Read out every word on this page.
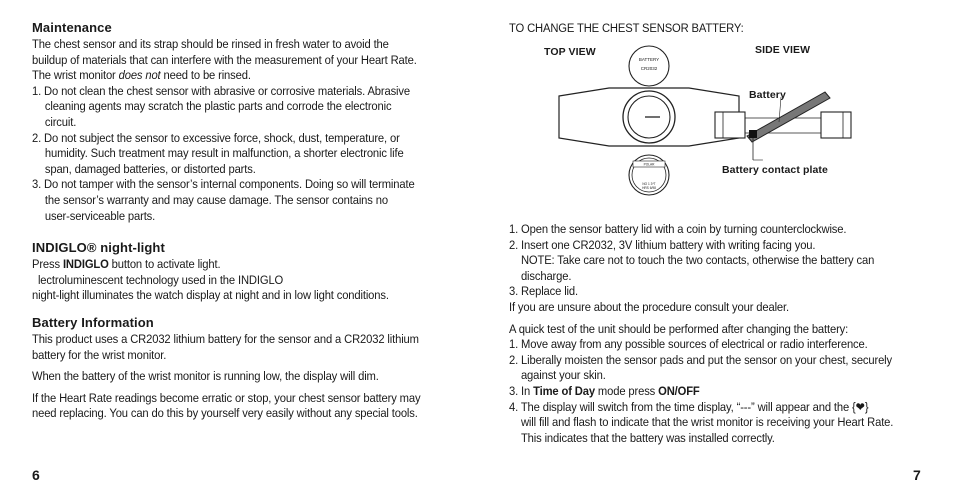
Maintenance
The chest sensor and its strap should be rinsed in fresh water to avoid the
buildup of materials that can interfere with the measurement of your Heart Rate.
The wrist monitor does not need to be rinsed.
1. Do not clean the chest sensor with abrasive or corrosive materials. Abrasive
cleaning agents may scratch the plastic parts and corrode the electronic
circuit.
2. Do not subject the sensor to excessive force, shock, dust, temperature, or
humidity. Such treatment may result in malfunction, a shorter electronic life
span, damaged batteries, or distorted parts.
3. Do not tamper with the sensor’s internal components. Doing so will terminate
the sensor’s warranty and may cause damage. The sensor contains no
user-serviceable parts.
INDIGLO® night-light
Press INDIGLO button to activate light.
lectroluminescent technology used in the INDIGLO
night-light illuminates the watch display at night and in low light conditions.
Battery Information
This product uses a CR2032 lithium battery for the sensor and a CR2032 lithium
battery for the wrist monitor.
When the battery of the wrist monitor is running low, the display will dim.
If the Heart Rate readings become erratic or stop, your chest sensor battery may
need replacing. You can do this by yourself very easily without any special tools.
6
TO CHANGE THE CHEST SENSOR BATTERY:
TOP VIEW	SIDE VIEW
Battery
Battery contact plate
BATTERY
CR2032
POLAR
NO 1 3*T
HRS 6/98
1. Open the sensor battery lid with a coin by turning counterclockwise.
2. Insert one CR2032, 3V lithium battery with writing facing you.
NOTE: Take care not to touch the two contacts, otherwise the battery can
discharge.
3. Replace lid.
If you are unsure about the procedure consult your dealer.
A quick test of the unit should be performed after changing the battery:
1. Move away from any possible sources of electrical or radio interference.
2. Liberally moisten the sensor pads and put the sensor on your chest, securely
against your skin.
3. In Time of Day mode press ON/OFF
4. The display will switch from the time display, “---” will appear and the {❤}
will fill and flash to indicate that the wrist monitor is receiving your Heart Rate.
This indicates that the battery was installed correctly.
7
